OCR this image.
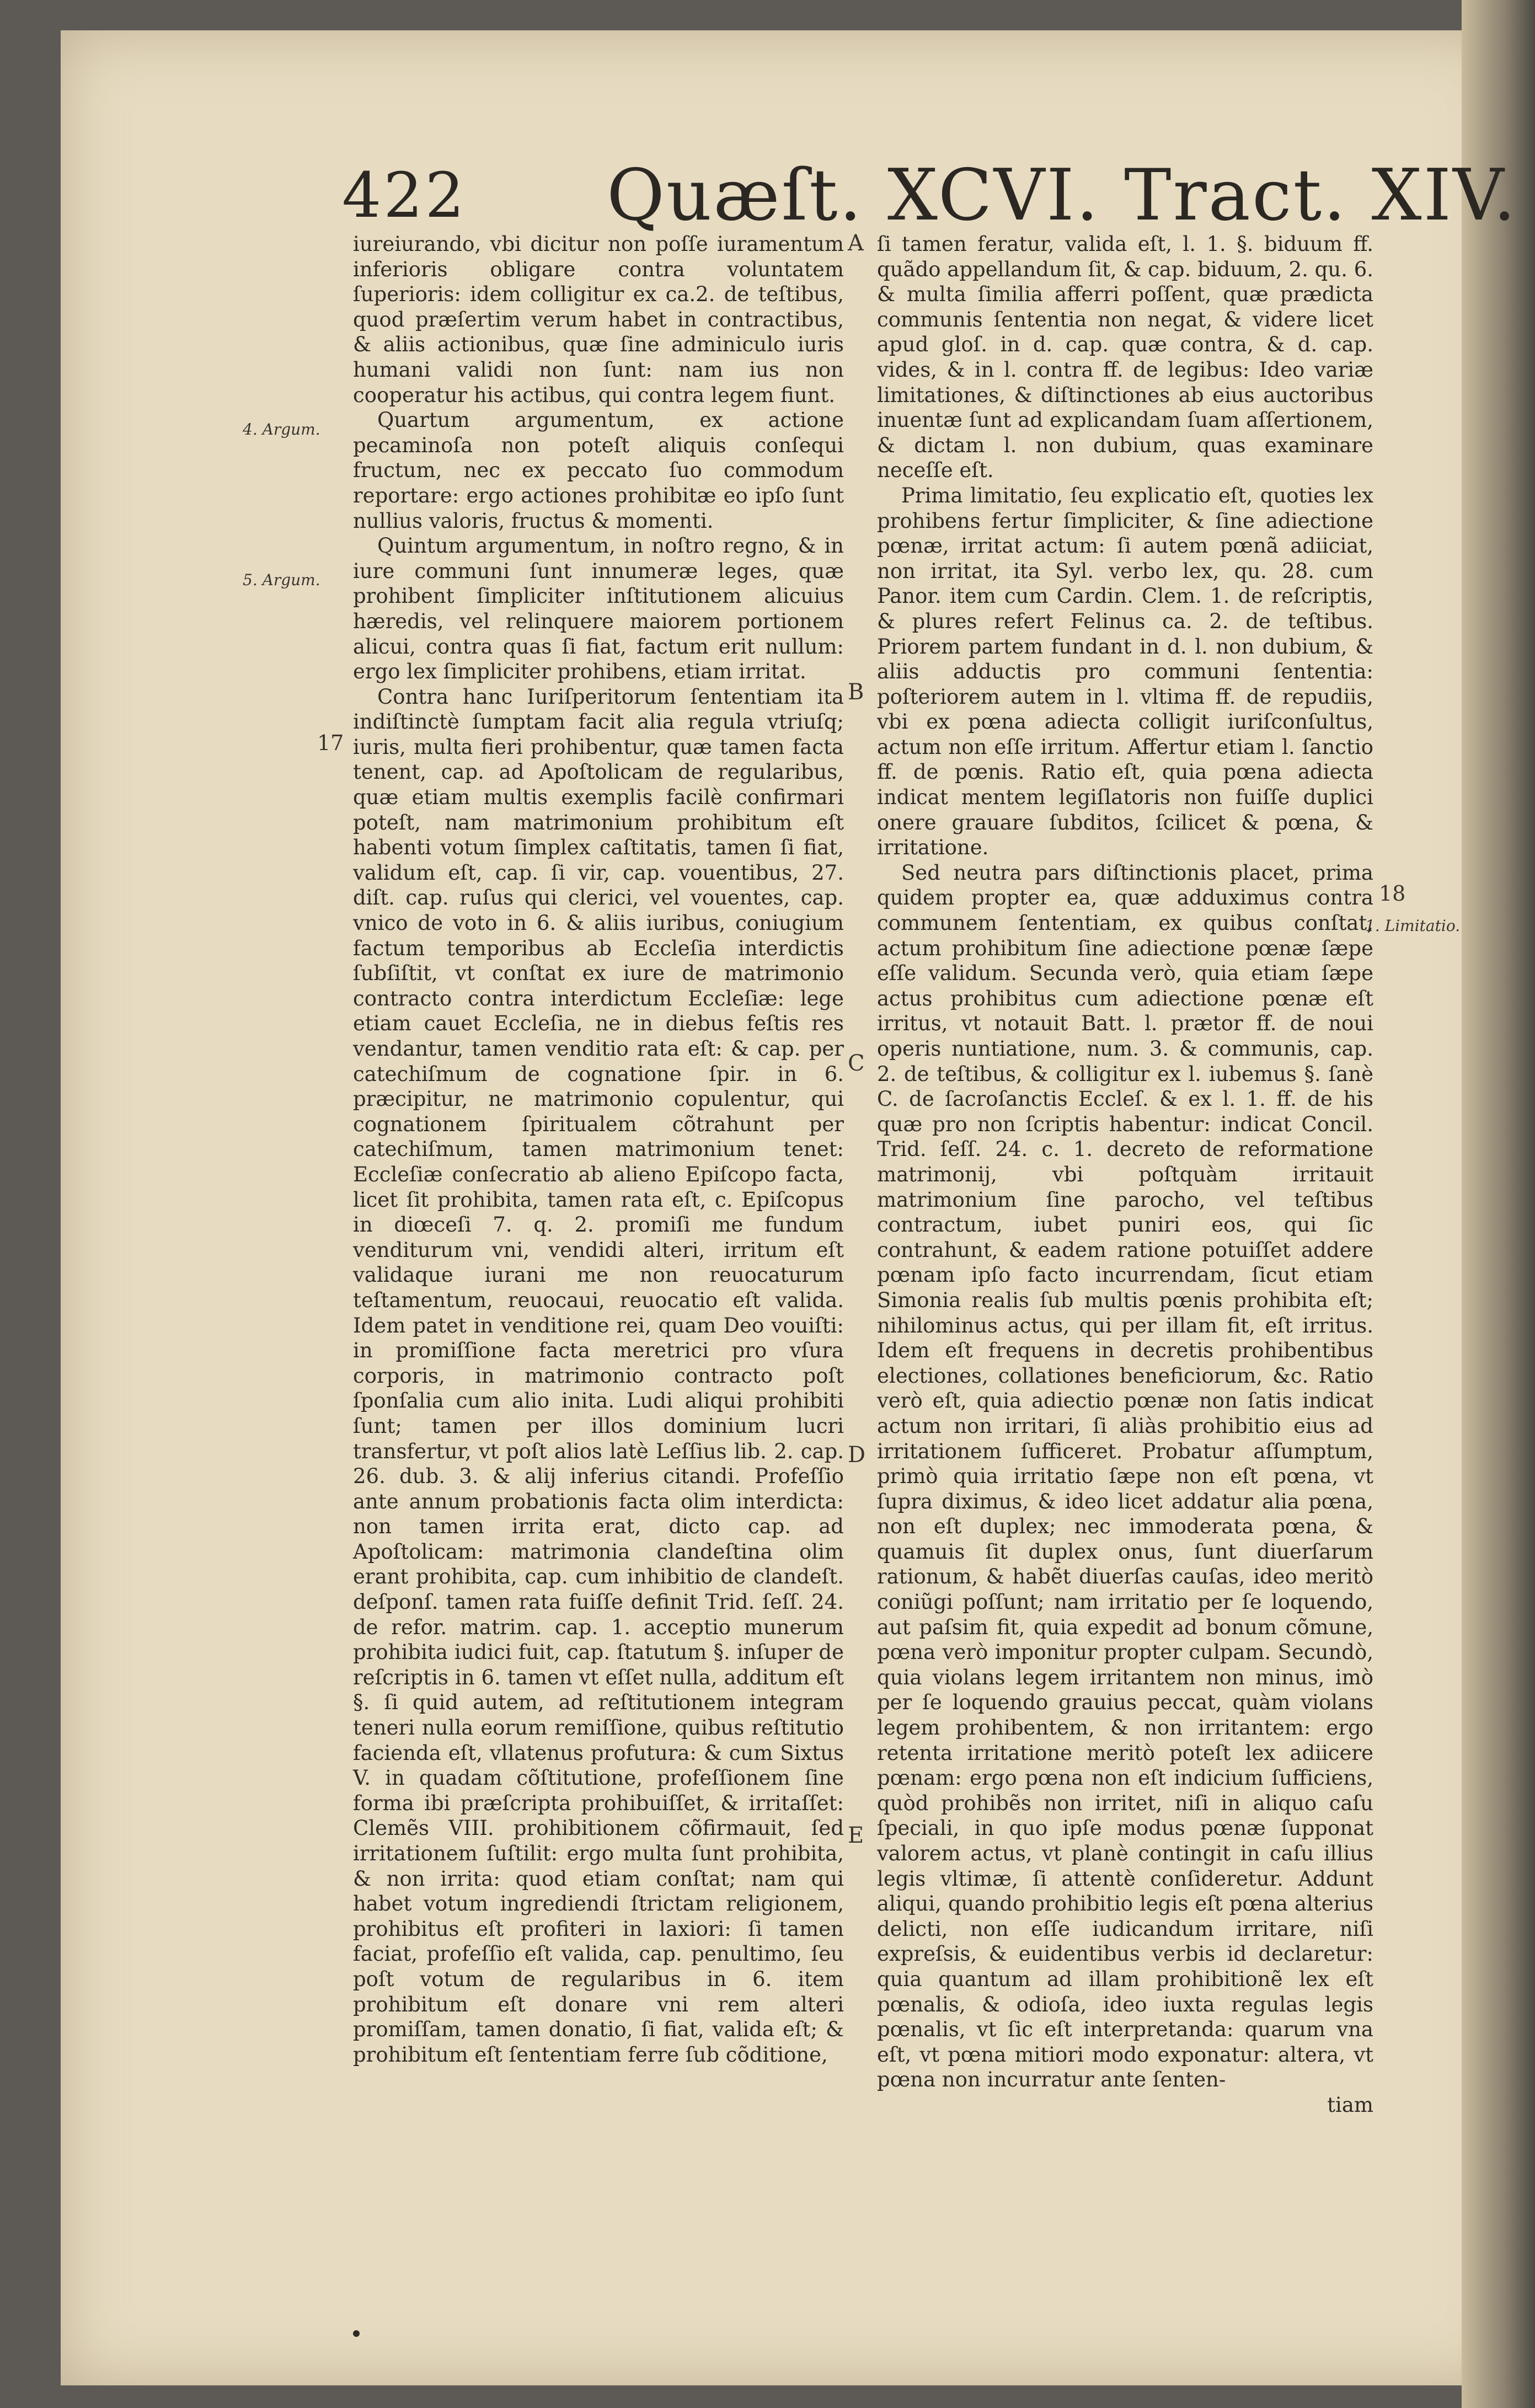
422 Quæſt. XCVI. Tract. XIV.
4. Argum.
5. Argum.
17
18
1. Limitatio.
A
B
C
D
E

iureiurando, vbi dicitur non poſſe iuramentum inferioris obligare contra voluntatem ſuperioris: idem colligitur ex ca.2. de teſtibus, quod præſertim verum habet in contractibus, & aliis actionibus, quæ ſine adminiculo iuris humani validi non ſunt: nam ius non cooperatur his actibus, qui contra legem fiunt.

Quartum argumentum, ex actione pecaminoſa non poteſt aliquis conſequi fructum, nec ex peccato ſuo commodum reportare: ergo actiones prohibitæ eo ipſo ſunt nullius valoris, fructus & momenti.

Quintum argumentum, in noſtro regno, & in iure communi ſunt innumeræ leges, quæ prohibent ſimpliciter inſtitutionem alicuius hæredis, vel relinquere maiorem portionem alicui, contra quas ſi fiat, factum erit nullum: ergo lex ſimpliciter prohibens, etiam irritat.

Contra hanc Iuriſperitorum ſententiam ita indiſtinctè ſumptam facit alia regula vtriuſq; iuris, multa fieri prohibentur, quæ tamen facta tenent, cap. ad Apoſtolicam de regularibus, quæ etiam multis exemplis facilè confirmari poteſt, nam matrimonium prohibitum eſt habenti votum ſimplex caſtitatis, tamen ſi fiat, validum eſt, cap. ſi vir, cap. vouentibus, 27. diſt. cap. ruſus qui clerici, vel vouentes, cap. vnico de voto in 6. & aliis iuribus, coniugium factum temporibus ab Eccleſia interdictis ſubſiſtit, vt conſtat ex iure de matrimonio contracto contra interdictum Eccleſiæ: lege etiam cauet Eccleſia, ne in diebus feſtis res vendantur, tamen venditio rata eſt: & cap. per catechiſmum de cognatione ſpir. in 6. præcipitur, ne matrimonio copulentur, qui cognationem ſpiritualem cõtrahunt per catechiſmum, tamen matrimonium tenet: Eccleſiæ conſecratio ab alieno Epiſcopo facta, licet ſit prohibita, tamen rata eſt, c. Epiſcopus in diœceſi 7. q. 2. promiſi me fundum venditurum vni, vendidi alteri, irritum eſt validaque iurani me non reuocaturum teſtamentum, reuocaui, reuocatio eſt valida. Idem patet in venditione rei, quam Deo vouiſti: in promiſſione facta meretrici pro vſura corporis, in matrimonio contracto poſt ſponſalia cum alio inita. Ludi aliqui prohibiti ſunt; tamen per illos dominium lucri transfertur, vt poſt alios latè Leſſius lib. 2. cap. 26. dub. 3. & alij inferius citandi. Profeſſio ante annum probationis facta olim interdicta: non tamen irrita erat, dicto cap. ad Apoſtolicam: matrimonia clandeſtina olim erant prohibita, cap. cum inhibitio de clandeſt. deſponſ. tamen rata fuiſſe definit Trid. ſeſſ. 24. de refor. matrim. cap. 1. acceptio munerum prohibita iudici fuit, cap. ſtatutum §. inſuper de reſcriptis in 6. tamen vt eſſet nulla, additum eſt §. ſi quid autem, ad reſtitutionem integram teneri nulla eorum remiſſione, quibus reſtitutio facienda eſt, vllatenus profutura: & cum Sixtus V. in quadam cõſtitutione, profeſſionem ſine forma ibi præſcripta prohibuiſſet, & irritaſſet: Clemẽs VIII. prohibitionem cõfirmauit, ſed irritationem ſuſtilit: ergo multa ſunt prohibita, & non irrita: quod etiam conſtat; nam qui habet votum ingrediendi ſtrictam religionem, prohibitus eſt profiteri in laxiori: ſi tamen faciat, profeſſio eſt valida, cap. penultimo, ſeu poſt votum de regularibus in 6. item prohibitum eſt donare vni rem alteri promiſſam, tamen donatio, ſi fiat, valida eſt; & prohibitum eſt ſententiam ferre ſub cõditione,

ſi tamen feratur, valida eſt, l. 1. §. biduum ff. quãdo appellandum ſit, & cap. biduum, 2. qu. 6. & multa ſimilia afferri poſſent, quæ prædicta communis ſententia non negat, & videre licet apud gloſ. in d. cap. quæ contra, & d. cap. vides, & in l. contra ff. de legibus: Ideo variæ limitationes, & diſtinctiones ab eius auctoribus inuentæ ſunt ad explicandam ſuam aſſertionem, & dictam l. non dubium, quas examinare neceſſe eſt.

Prima limitatio, ſeu explicatio eſt, quoties lex prohibens fertur ſimpliciter, & ſine adiectione pœnæ, irritat actum: ſi autem pœnã adiiciat, non irritat, ita Syl. verbo lex, qu. 28. cum Panor. item cum Cardin. Clem. 1. de reſcriptis, & plures refert Felinus ca. 2. de teſtibus. Priorem partem fundant in d. l. non dubium, & aliis adductis pro communi ſententia: poſteriorem autem in l. vltima ff. de repudiis, vbi ex pœna adiecta colligit iuriſconſultus, actum non eſſe irritum. Affertur etiam l. ſanctio ff. de pœnis. Ratio eſt, quia pœna adiecta indicat mentem legiſlatoris non fuiſſe duplici onere grauare ſubditos, ſcilicet & pœna, & irritatione.

Sed neutra pars diſtinctionis placet, prima quidem propter ea, quæ adduximus contra communem ſententiam, ex quibus conſtat, actum prohibitum ſine adiectione pœnæ ſæpe eſſe validum. Secunda verò, quia etiam ſæpe actus prohibitus cum adiectione pœnæ eſt irritus, vt notauit Batt. l. prætor ff. de noui operis nuntiatione, num. 3. & communis, cap. 2. de teſtibus, & colligitur ex l. iubemus §. ſanè C. de ſacroſanctis Eccleſ. & ex l. 1. ff. de his quæ pro non ſcriptis habentur: indicat Concil. Trid. ſeſſ. 24. c. 1. decreto de reformatione matrimonij, vbi poſtquàm irritauit matrimonium ſine parocho, vel teſtibus contractum, iubet puniri eos, qui ſic contrahunt, & eadem ratione potuiſſet addere pœnam ipſo facto incurrendam, ſicut etiam Simonia realis ſub multis pœnis prohibita eſt; nihilominus actus, qui per illam fit, eſt irritus. Idem eſt frequens in decretis prohibentibus electiones, collationes beneficiorum, &c. Ratio verò eſt, quia adiectio pœnæ non ſatis indicat actum non irritari, ſi aliàs prohibitio eius ad irritationem ſufficeret. Probatur aſſumptum, primò quia irritatio ſæpe non eſt pœna, vt ſupra diximus, & ideo licet addatur alia pœna, non eſt duplex; nec immoderata pœna, & quamuis ſit duplex onus, ſunt diuerſarum rationum, & habẽt diuerſas cauſas, ideo meritò coniũgi poſſunt; nam irritatio per ſe loquendo, aut paſsim fit, quia expedit ad bonum cõmune, pœna verò imponitur propter culpam. Secundò, quia violans legem irritantem non minus, imò per ſe loquendo grauius peccat, quàm violans legem prohibentem, & non irritantem: ergo retenta irritatione meritò poteſt lex adiicere pœnam: ergo pœna non eſt indicium ſufficiens, quòd prohibẽs non irritet, niſi in aliquo caſu ſpeciali, in quo ipſe modus pœnæ ſupponat valorem actus, vt planè contingit in caſu illius legis vltimæ, ſi attentè conſideretur. Addunt aliqui, quando prohibitio legis eſt pœna alterius delicti, non eſſe iudicandum irritare, niſi expreſsis, & euidentibus verbis id declaretur: quia quantum ad illam prohibitionẽ lex eſt pœnalis, & odioſa, ideo iuxta regulas legis pœnalis, vt ſic eſt interpretanda: quarum vna eſt, vt pœna mitiori modo exponatur: altera, vt pœna non incurratur ante ſenten-

tiam
